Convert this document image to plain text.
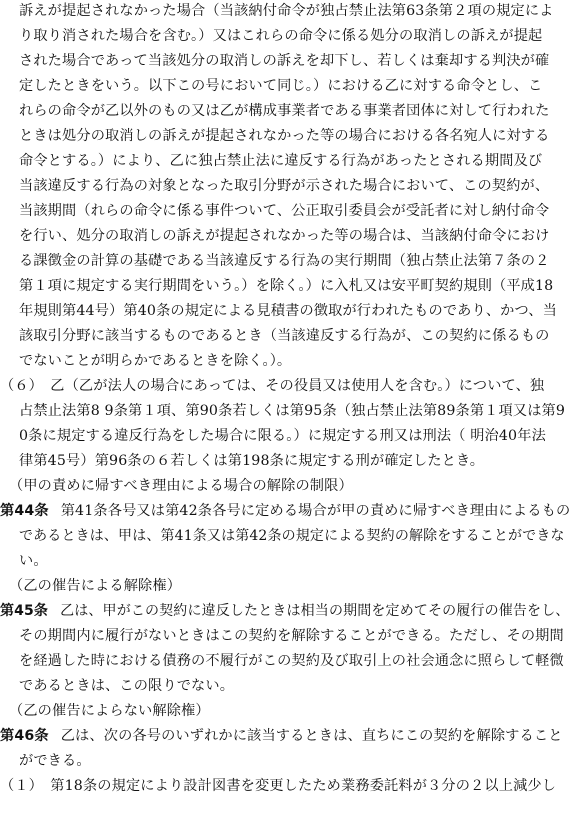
訴えが提起されなかった場合（当該納付命令が独占禁止法第63条第２項の規定によ
り取り消された場合を含む。）又はこれらの命令に係る処分の取消しの訴えが提起
された場合であって当該処分の取消しの訴えを却下し、若しくは棄却する判決が確
定したときをいう。以下この号において同じ。）における乙に対する命令とし、こ
れらの命令が乙以外のもの又は乙が構成事業者である事業者団体に対して行われた
ときは処分の取消しの訴えが提起されなかった等の場合における各名宛人に対する
命令とする。）により、乙に独占禁止法に違反する行為があったとされる期間及び
当該違反する行為の対象となった取引分野が示された場合において、この契約が、
当該期間（れらの命令に係る事件ついて、公正取引委員会が受託者に対し納付命令
を行い、処分の取消しの訴えが提起されなかった等の場合は、当該納付命令におけ
る課徴金の計算の基礎である当該違反する行為の実行期間（独占禁止法第７条の２
第１項に規定する実行期間をいう。）を除く。）に入札又は安平町契約規則（平成18
年規則第44号）第40条の規定による見積書の徴取が行われたものであり、かつ、当
該取引分野に該当するものであるとき（当該違反する行為が、この契約に係るもの
でないことが明らかであるときを除く。）。
（６）　乙（乙が法人の場合にあっては、その役員又は使用人を含む。）について、独
占禁止法第8 9条第１項、第90条若しくは第95条（独占禁止法第89条第１項又は第9
0条に規定する違反行為をした場合に限る。）に規定する刑又は刑法（ 明治40年法
律第45号）第96条の６若しくは第198条に規定する刑が確定したとき。
（甲の責めに帰すべき理由による場合の解除の制限）
第44条 第41条各号又は第42条各号に定める場合が甲の責めに帰すべき理由によるもの
であるときは、甲は、第41条又は第42条の規定による契約の解除をすることができな
い。
（乙の催告による解除権）
第45条 乙は、甲がこの契約に違反したときは相当の期間を定めてその履行の催告をし、
その期間内に履行がないときはこの契約を解除することができる。ただし、その期間
を経過した時における債務の不履行がこの契約及び取引上の社会通念に照らして軽微
であるときは、この限りでない。
（乙の催告によらない解除権）
第46条 乙は、次の各号のいずれかに該当するときは、直ちにこの契約を解除すること
ができる。
（１）　第18条の規定により設計図書を変更したため業務委託料が３分の２以上減少し
